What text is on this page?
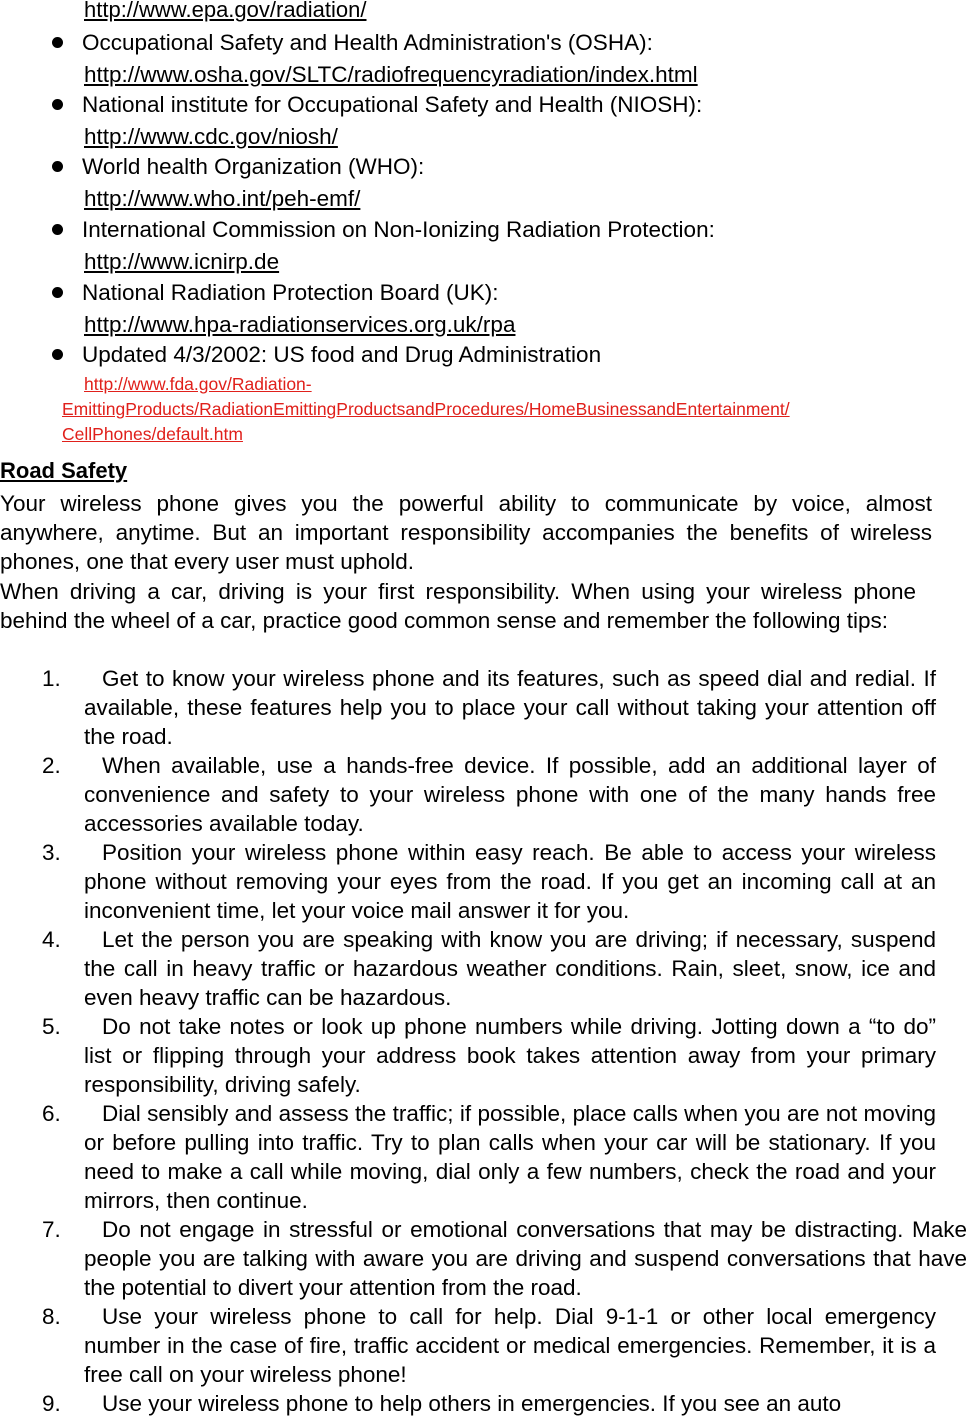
http://www.epa.gov/radiation/
Occupational Safety and Health Administration's (OSHA):
http://www.osha.gov/SLTC/radiofrequencyradiation/index.html
National institute for Occupational Safety and Health (NIOSH):
http://www.cdc.gov/niosh/
World health Organization (WHO):
http://www.who.int/peh-emf/
International Commission on Non-Ionizing Radiation Protection:
http://www.icnirp.de
National Radiation Protection Board (UK):
http://www.hpa-radiationservices.org.uk/rpa
Updated 4/3/2002: US food and Drug Administration
http://www.fda.gov/Radiation-
EmittingProducts/RadiationEmittingProductsandProcedures/HomeBusinessandEntertainment/
CellPhones/default.htm
Road Safety
Your wireless phone gives you the powerful ability to communicate by voice, almost anywhere, anytime. But an important responsibility accompanies the benefits of wireless phones, one that every user must uphold.
When driving a car, driving is your first responsibility. When using your wireless phone behind the wheel of a car, practice good common sense and remember the following tips:
1.	Get to know your wireless phone and its features, such as speed dial and redial. If available, these features help you to place your call without taking your attention off the road.
2.	When available, use a hands-free device. If possible, add an additional layer of convenience and safety to your wireless phone with one of the many hands free accessories available today.
3.	Position your wireless phone within easy reach. Be able to access your wireless phone without removing your eyes from the road. If you get an incoming call at an inconvenient time, let your voice mail answer it for you.
4.	Let the person you are speaking with know you are driving; if necessary, suspend the call in heavy traffic or hazardous weather conditions. Rain, sleet, snow, ice and even heavy traffic can be hazardous.
5.	Do not take notes or look up phone numbers while driving. Jotting down a “to do” list or flipping through your address book takes attention away from your primary responsibility, driving safely.
6.	Dial sensibly and assess the traffic; if possible, place calls when you are not moving or before pulling into traffic. Try to plan calls when your car will be stationary. If you need to make a call while moving, dial only a few numbers, check the road and your mirrors, then continue.
7.	Do not engage in stressful or emotional conversations that may be distracting. Make people you are talking with aware you are driving and suspend conversations that have the potential to divert your attention from the road.
8.	Use your wireless phone to call for help. Dial 9-1-1 or other local emergency number in the case of fire, traffic accident or medical emergencies. Remember, it is a free call on your wireless phone!
9.	Use your wireless phone to help others in emergencies. If you see an auto
